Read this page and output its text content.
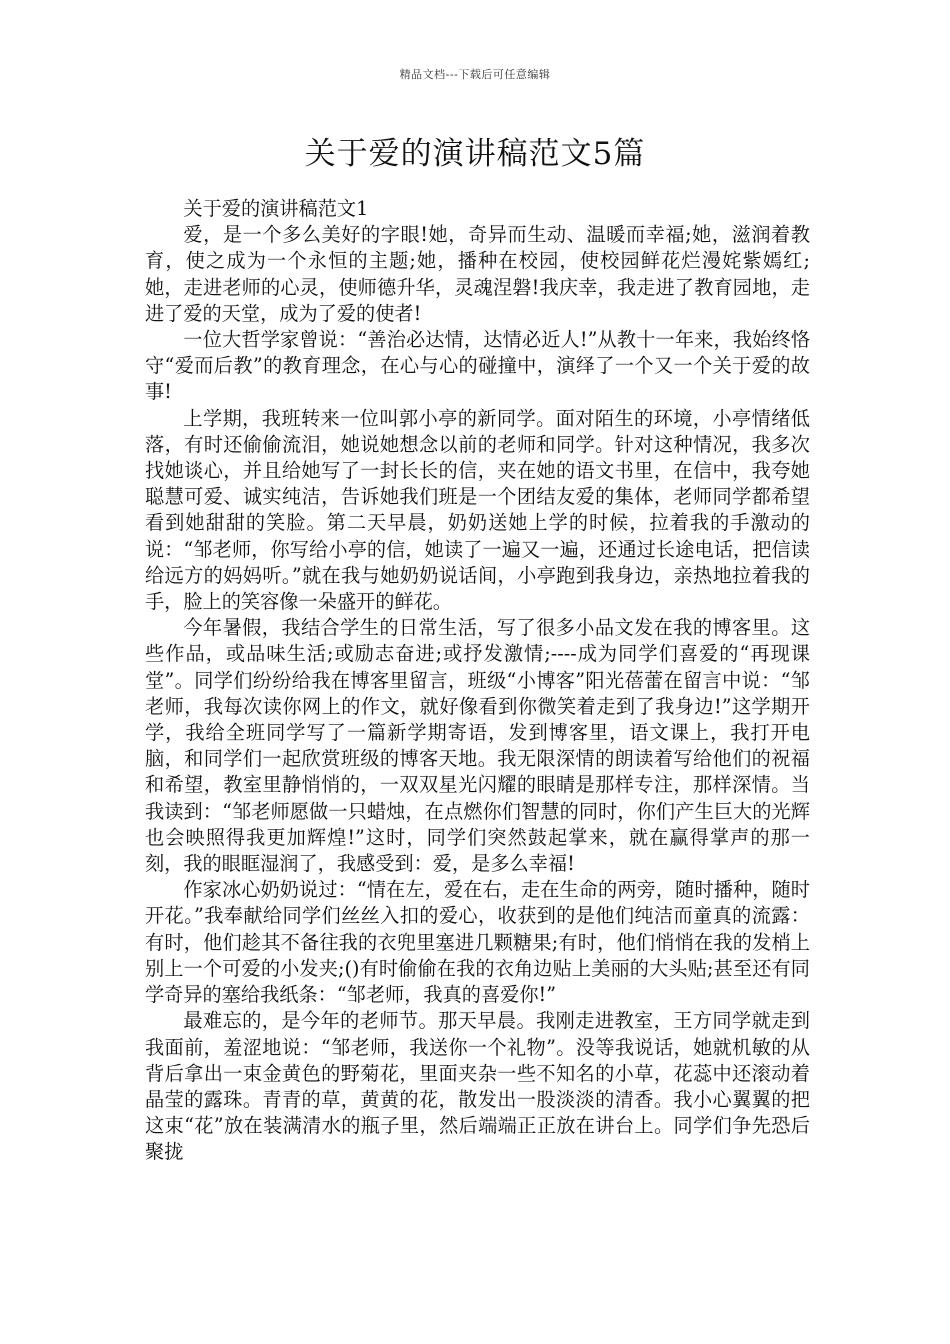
精品文档---下载后可任意编辑
关于爱的演讲稿范文5篇

关于爱的演讲稿范文1

爱，是一个多么美好的字眼!她，奇异而生动、温暖而幸福;她，滋润着教育，使之成为一个永恒的主题;她，播种在校园，使校园鲜花烂漫姹紫嫣红;她，走进老师的心灵，使师德升华，灵魂涅磐!我庆幸，我走进了教育园地，走进了爱的天堂，成为了爱的使者!

一位大哲学家曾说：“善治必达情，达情必近人!”从教十一年来，我始终恪守“爱而后教”的教育理念，在心与心的碰撞中，演绎了一个又一个关于爱的故事!

上学期，我班转来一位叫郭小亭的新同学。面对陌生的环境，小亭情绪低落，有时还偷偷流泪，她说她想念以前的老师和同学。针对这种情况，我多次找她谈心，并且给她写了一封长长的信，夹在她的语文书里，在信中，我夸她聪慧可爱、诚实纯洁，告诉她我们班是一个团结友爱的集体，老师同学都希望看到她甜甜的笑脸。第二天早晨，奶奶送她上学的时候，拉着我的手激动的说：“邹老师，你写给小亭的信，她读了一遍又一遍，还通过长途电话，把信读给远方的妈妈听。”就在我与她奶奶说话间，小亭跑到我身边，亲热地拉着我的手，脸上的笑容像一朵盛开的鲜花。

今年暑假，我结合学生的日常生活，写了很多小品文发在我的博客里。这些作品，或品味生活;或励志奋进;或抒发激情;----成为同学们喜爱的“再现课堂”。同学们纷纷给我在博客里留言，班级“小博客”阳光蓓蕾在留言中说：“邹老师，我每次读你网上的作文，就好像看到你微笑着走到了我身边!”这学期开学，我给全班同学写了一篇新学期寄语，发到博客里，语文课上，我打开电脑，和同学们一起欣赏班级的博客天地。我无限深情的朗读着写给他们的祝福和希望，教室里静悄悄的，一双双星光闪耀的眼睛是那样专注，那样深情。当我读到：“邹老师愿做一只蜡烛，在点燃你们智慧的同时，你们产生巨大的光辉也会映照得我更加辉煌!”这时，同学们突然鼓起掌来，就在赢得掌声的那一刻，我的眼眶湿润了，我感受到：爱，是多么幸福!

作家冰心奶奶说过：“情在左，爱在右，走在生命的两旁，随时播种，随时开花。”我奉献给同学们丝丝入扣的爱心，收获到的是他们纯洁而童真的流露：有时，他们趁其不备往我的衣兜里塞进几颗糖果;有时，他们悄悄在我的发梢上别上一个可爱的小发夹;()有时偷偷在我的衣角边贴上美丽的大头贴;甚至还有同学奇异的塞给我纸条：“邹老师，我真的喜爱你!”

最难忘的，是今年的老师节。那天早晨。我刚走进教室，王方同学就走到我面前，羞涩地说：“邹老师，我送你一个礼物”。没等我说话，她就机敏的从背后拿出一束金黄色的野菊花，里面夹杂一些不知名的小草，花蕊中还滚动着晶莹的露珠。青青的草，黄黄的花，散发出一股淡淡的清香。我小心翼翼的把这束“花”放在装满清水的瓶子里，然后端端正正放在讲台上。同学们争先恐后聚拢
